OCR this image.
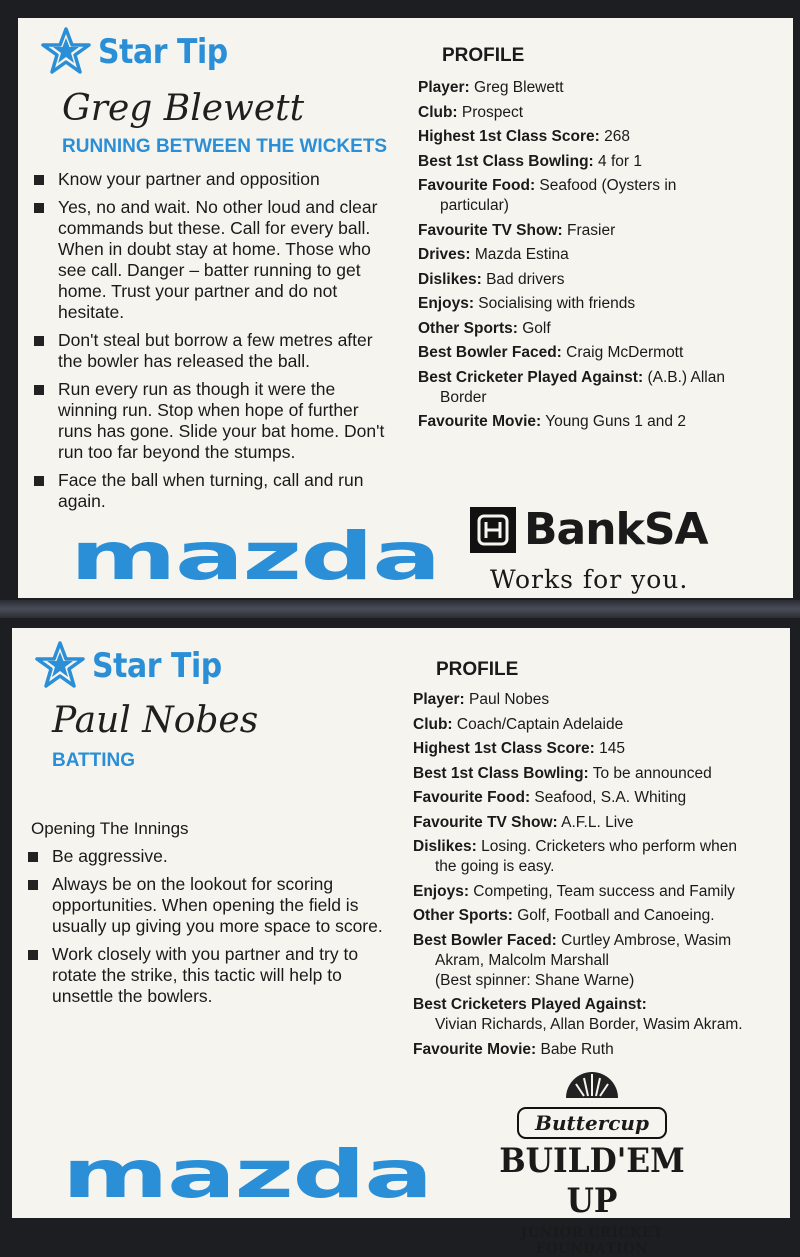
Star Tip
Greg Blewett
RUNNING BETWEEN THE WICKETS
Know your partner and opposition
Yes, no and wait. No other loud and clear commands but these. Call for every ball. When in doubt stay at home. Those who see call. Danger – batter running to get home. Trust your partner and do not hesitate.
Don't steal but borrow a few metres after the bowler has released the ball.
Run every run as though it were the winning run. Stop when hope of further runs has gone. Slide your bat home. Don't run too far beyond the stumps.
Face the ball when turning, call and run again.
PROFILE
Player: Greg Blewett
Club: Prospect
Highest 1st Class Score: 268
Best 1st Class Bowling: 4 for 1
Favourite Food: Seafood (Oysters in
particular)
Favourite TV Show: Frasier
Drives: Mazda Estina
Dislikes: Bad drivers
Enjoys: Socialising with friends
Other Sports: Golf
Best Bowler Faced: Craig McDermott
Best Cricketer Played Against: (A.B.) Allan
Border
Favourite Movie: Young Guns 1 and 2
mazda BankSA
Works for you.
Star Tip
Paul Nobes
BATTING
Opening The Innings
Be aggressive.
Always be on the lookout for scoring opportunities. When opening the field is usually up giving you more space to score.
Work closely with you partner and try to rotate the strike, this tactic will help to unsettle the bowlers.
PROFILE
Player: Paul Nobes
Club: Coach/Captain Adelaide
Highest 1st Class Score: 145
Best 1st Class Bowling: To be announced
Favourite Food: Seafood, S.A. Whiting
Favourite TV Show: A.F.L. Live
Dislikes: Losing. Cricketers who perform when
the going is easy.
Enjoys: Competing, Team success and Family
Other Sports: Golf, Football and Canoeing.
Best Bowler Faced: Curtley Ambrose, Wasim
Akram, Malcolm Marshall
(Best spinner: Shane Warne)
Best Cricketers Played Against:
Vivian Richards, Allan Border, Wasim Akram.
Favourite Movie: Babe Ruth
mazda
Buttercup
BUILD'EM UP
JUNIOR CRICKET FOUNDATION
